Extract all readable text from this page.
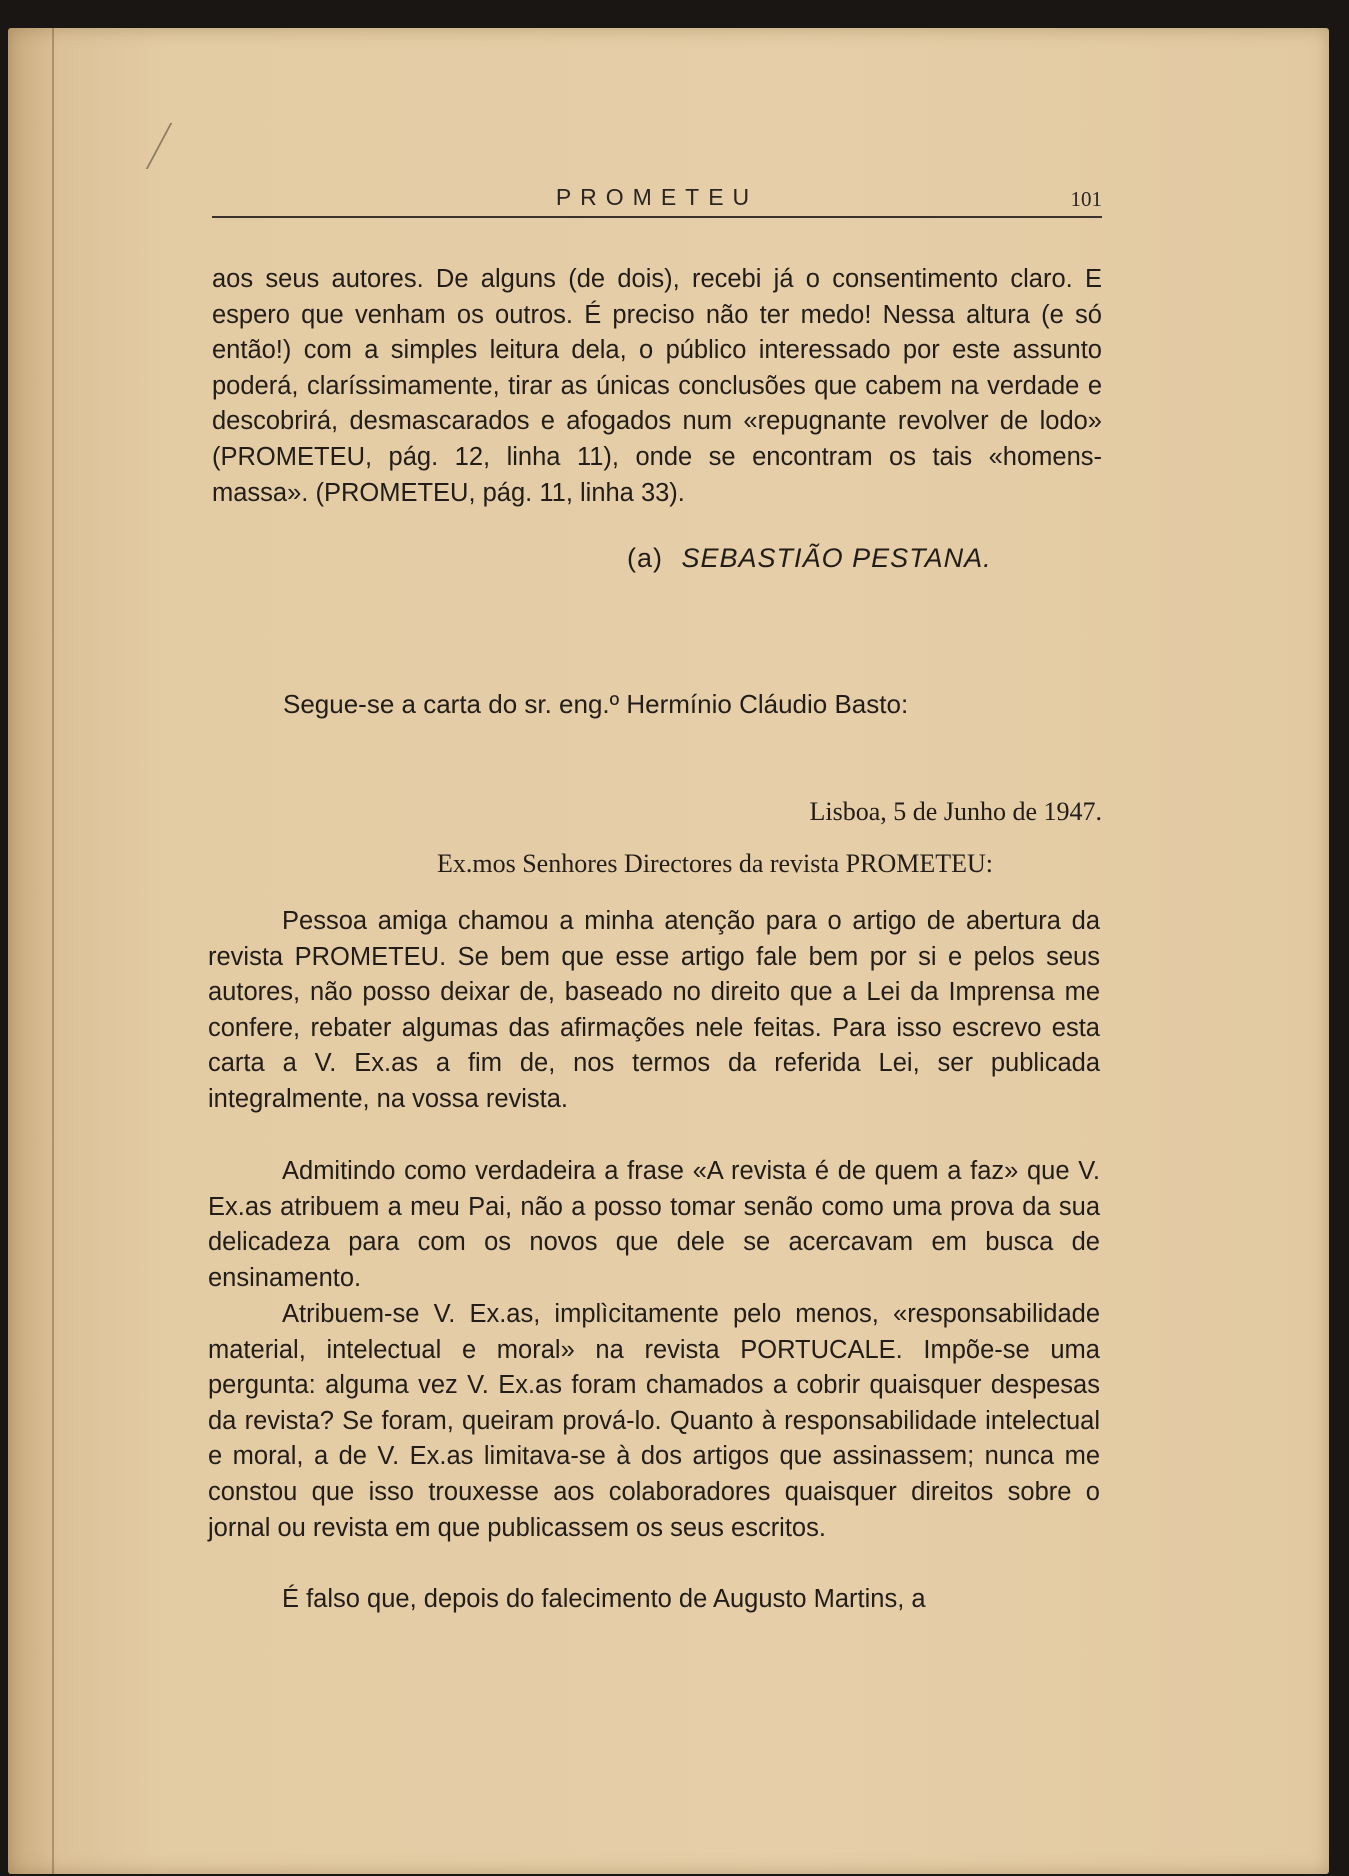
PROMETEU	101

aos seus autores. De alguns (de dois), recebi já o consentimento claro. E espero que venham os outros. É preciso não ter medo! Nessa altura (e só então!) com a simples leitura dela, o público interessado por este assunto poderá, claríssimamente, tirar as únicas conclusões que cabem na verdade e descobrirá, desmascarados e afogados num «repugnante revolver de lodo» (PROMETEU, pág. 12, linha 11), onde se encontram os tais «homens-massa». (PROMETEU, pág. 11, linha 33).

(a) SEBASTIÃO PESTANA.
Segue-se a carta do sr. eng.º Hermínio Cláudio Basto:
Lisboa, 5 de Junho de 1947.
Ex.mos Senhores Directores da revista PROMETEU:

Pessoa amiga chamou a minha atenção para o artigo de abertura da revista PROMETEU. Se bem que esse artigo fale bem por si e pelos seus autores, não posso deixar de, baseado no direito que a Lei da Imprensa me confere, rebater algumas das afirmações nele feitas. Para isso escrevo esta carta a V. Ex.as a fim de, nos termos da referida Lei, ser publicada integralmente, na vossa revista.

Admitindo como verdadeira a frase «A revista é de quem a faz» que V. Ex.as atribuem a meu Pai, não a posso tomar senão como uma prova da sua delicadeza para com os novos que dele se acercavam em busca de ensinamento.

Atribuem-se V. Ex.as, implìcitamente pelo menos, «responsabilidade material, intelectual e moral» na revista PORTUCALE. Impõe-se uma pergunta: alguma vez V. Ex.as foram chamados a cobrir quaisquer despesas da revista? Se foram, queiram prová-lo. Quanto à responsabilidade intelectual e moral, a de V. Ex.as limitava-se à dos artigos que assinassem; nunca me constou que isso trouxesse aos colaboradores quaisquer direitos sobre o jornal ou revista em que publicassem os seus escritos.

É falso que, depois do falecimento de Augusto Martins, a
